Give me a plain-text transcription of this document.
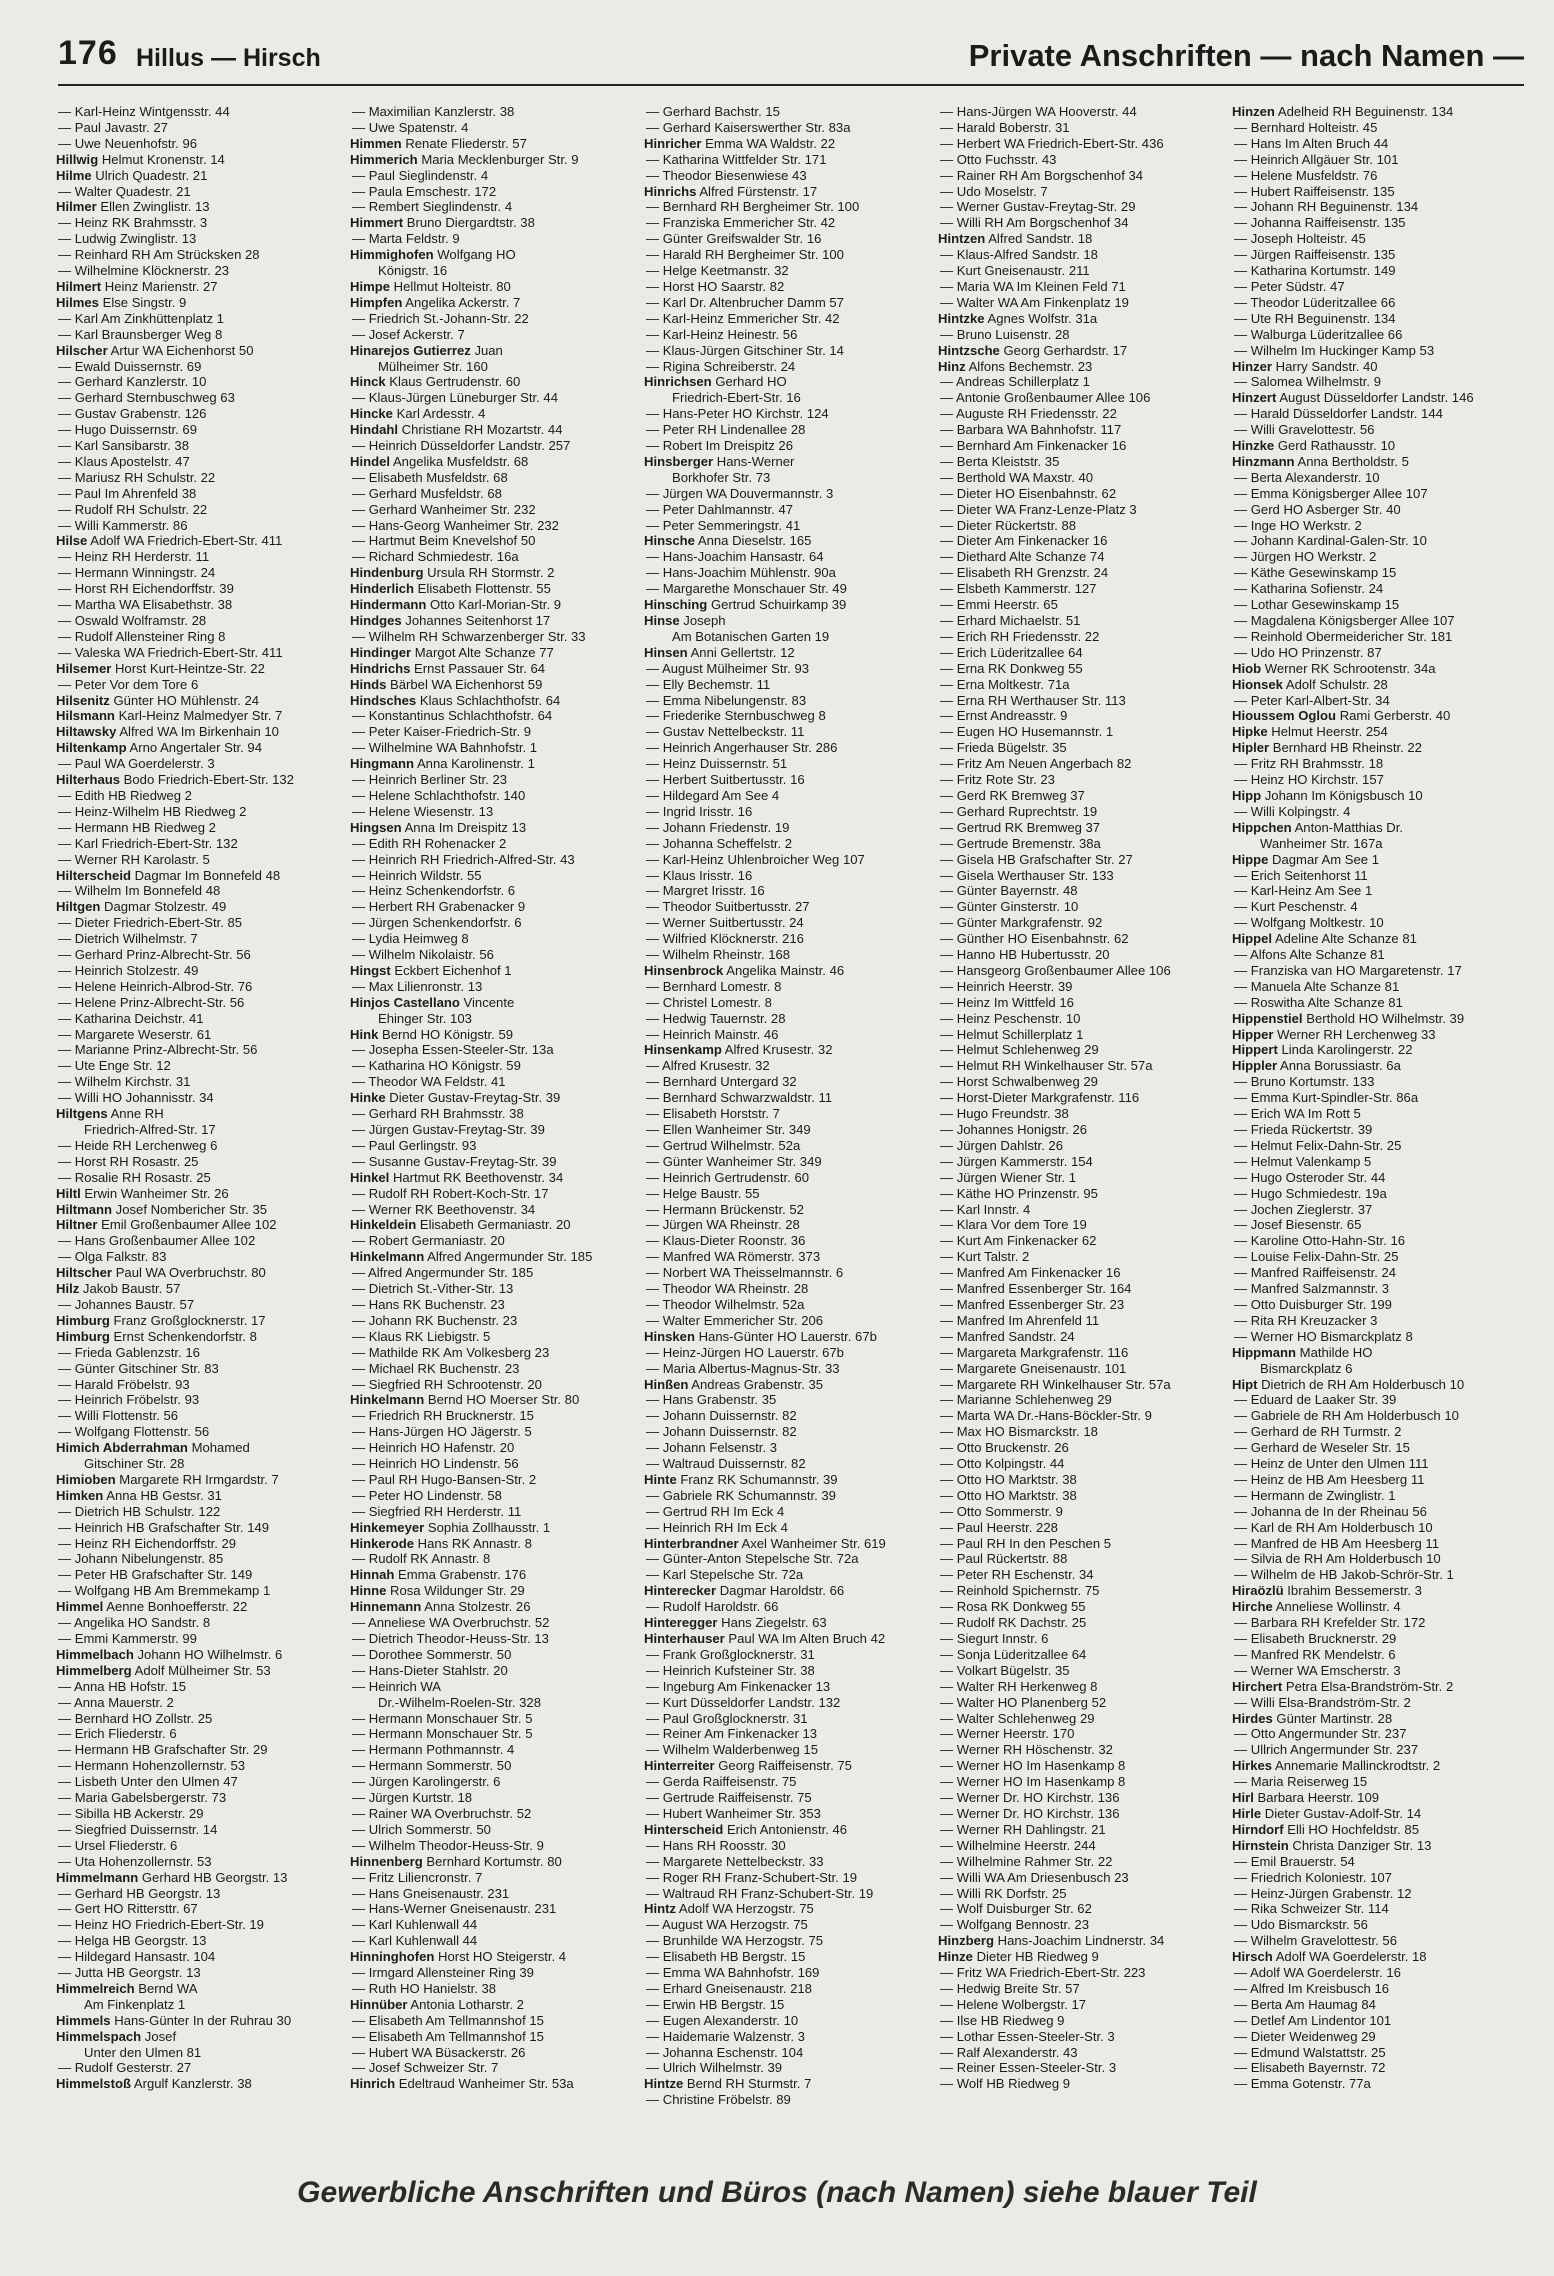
176 Hillus — Hirsch	Private Anschriften — nach Namen —
— Karl-Heinz Wintgensstr. 44
— Paul Javastr. 27
— Uwe Neuenhofstr. 96
Hillwig Helmut Kronenstr. 14
Hilme Ulrich Quadestr. 21
— Walter Quadestr. 21
Hilmer Ellen Zwinglistr. 13
— Heinz RK Brahmsstr. 3
— Ludwig Zwinglistr. 13
— Reinhard RH Am Strücksken 28
— Wilhelmine Klöcknerstr. 23
Hilmert Heinz Marienstr. 27
Hilmes Else Singstr. 9
— Karl Am Zinkhüttenplatz 1
— Karl Braunsberger Weg 8
Hilscher Artur WA Eichenhorst 50
— Ewald Duissernstr. 69
— Gerhard Kanzlerstr. 10
— Gerhard Sternbuschweg 63
— Gustav Grabenstr. 126
— Hugo Duissernstr. 69
— Karl Sansibarstr. 38
— Klaus Apostelstr. 47
— Mariusz RH Schulstr. 22
— Paul Im Ahrenfeld 38
— Rudolf RH Schulstr. 22
— Willi Kammerstr. 86
Hilse Adolf WA Friedrich-Ebert-Str. 411
— Heinz RH Herderstr. 11
— Hermann Winningstr. 24
— Horst RH Eichendorffstr. 39
— Martha WA Elisabethstr. 38
— Oswald Wolframstr. 28
— Rudolf Allensteiner Ring 8
— Valeska WA Friedrich-Ebert-Str. 411
Hilsemer Horst Kurt-Heintze-Str. 22
— Peter Vor dem Tore 6
Hilsenitz Günter HO Mühlenstr. 24
Hilsmann Karl-Heinz Malmedyer Str. 7
Hiltawsky Alfred WA Im Birkenhain 10
Hiltenkamp Arno Angertaler Str. 94
— Paul WA Goerdelerstr. 3
Hilterhaus Bodo Friedrich-Ebert-Str. 132
— Edith HB Riedweg 2
— Heinz-Wilhelm HB Riedweg 2
— Hermann HB Riedweg 2
— Karl Friedrich-Ebert-Str. 132
— Werner RH Karolastr. 5
Hilterscheid Dagmar Im Bonnefeld 48
— Wilhelm Im Bonnefeld 48
Hiltgen Dagmar Stolzestr. 49
— Dieter Friedrich-Ebert-Str. 85
— Dietrich Wilhelmstr. 7
— Gerhard Prinz-Albrecht-Str. 56
— Heinrich Stolzestr. 49
— Helene Heinrich-Albrod-Str. 76
— Helene Prinz-Albrecht-Str. 56
— Katharina Deichstr. 41
— Margarete Weserstr. 61
— Marianne Prinz-Albrecht-Str. 56
— Ute Enge Str. 12
— Wilhelm Kirchstr. 31
— Willi HO Johannisstr. 34
Hiltgens Anne RH
Friedrich-Alfred-Str. 17
— Heide RH Lerchenweg 6
— Horst RH Rosastr. 25
— Rosalie RH Rosastr. 25
Hiltl Erwin Wanheimer Str. 26
Hiltmann Josef Nombericher Str. 35
Hiltner Emil Großenbaumer Allee 102
— Hans Großenbaumer Allee 102
— Olga Falkstr. 83
Hiltscher Paul WA Overbruchstr. 80
Hilz Jakob Baustr. 57
— Johannes Baustr. 57
Himburg Franz Großglocknerstr. 17
Himburg Ernst Schenkendorfstr. 8
— Frieda Gablenzstr. 16
— Günter Gitschiner Str. 83
— Harald Fröbelstr. 93
— Heinrich Fröbelstr. 93
— Willi Flottenstr. 56
— Wolfgang Flottenstr. 56
Himich Abderrahman Mohamed
Gitschiner Str. 28
Himioben Margarete RH Irmgardstr. 7
Himken Anna HB Gestsr. 31
— Dietrich HB Schulstr. 122
— Heinrich HB Grafschafter Str. 149
— Heinz RH Eichendorffstr. 29
— Johann Nibelungenstr. 85
— Peter HB Grafschafter Str. 149
— Wolfgang HB Am Bremmekamp 1
Himmel Aenne Bonhoefferstr. 22
— Angelika HO Sandstr. 8
— Emmi Kammerstr. 99
Himmelbach Johann HO Wilhelmstr. 6
Himmelberg Adolf Mülheimer Str. 53
— Anna HB Hofstr. 15
— Anna Mauerstr. 2
— Bernhard HO Zollstr. 25
— Erich Fliederstr. 6
— Hermann HB Grafschafter Str. 29
— Hermann Hohenzollernstr. 53
— Lisbeth Unter den Ulmen 47
— Maria Gabelsbergerstr. 73
— Sibilla HB Ackerstr. 29
— Siegfried Duissernstr. 14
— Ursel Fliederstr. 6
— Uta Hohenzollernstr. 53
Himmelmann Gerhard HB Georgstr. 13
— Gerhard HB Georgstr. 13
— Gert HO Rittersttr. 67
— Heinz HO Friedrich-Ebert-Str. 19
— Helga HB Georgstr. 13
— Hildegard Hansastr. 104
— Jutta HB Georgstr. 13
Himmelreich Bernd WA
Am Finkenplatz 1
Himmels Hans-Günter In der Ruhrau 30
Himmelspach Josef
Unter den Ulmen 81
— Rudolf Gesterstr. 27
Himmelstoß Argulf Kanzlerstr. 38
— Maximilian Kanzlerstr. 38
— Uwe Spatenstr. 4
Himmen Renate Fliederstr. 57
Himmerich Maria Mecklenburger Str. 9
— Paul Sieglindenstr. 4
— Paula Emschestr. 172
— Rembert Sieglindenstr. 4
Himmert Bruno Diergardtstr. 38
— Marta Feldstr. 9
Himmighofen Wolfgang HO
Königstr. 16
Himpe Hellmut Holteistr. 80
Himpfen Angelika Ackerstr. 7
— Friedrich St.-Johann-Str. 22
— Josef Ackerstr. 7
Hinarejos Gutierrez Juan
Mülheimer Str. 160
Hinck Klaus Gertrudenstr. 60
— Klaus-Jürgen Lüneburger Str. 44
Hincke Karl Ardesstr. 4
Hindahl Christiane RH Mozartstr. 44
— Heinrich Düsseldorfer Landstr. 257
Hindel Angelika Musfeldstr. 68
— Elisabeth Musfeldstr. 68
— Gerhard Musfeldstr. 68
— Gerhard Wanheimer Str. 232
— Hans-Georg Wanheimer Str. 232
— Hartmut Beim Knevelshof 50
— Richard Schmiedestr. 16a
Hindenburg Ursula RH Stormstr. 2
Hinderlich Elisabeth Flottenstr. 55
Hindermann Otto Karl-Morian-Str. 9
Hindges Johannes Seitenhorst 17
— Wilhelm RH Schwarzenberger Str. 33
Hindinger Margot Alte Schanze 77
Hindrichs Ernst Passauer Str. 64
Hinds Bärbel WA Eichenhorst 59
Hindsches Klaus Schlachthofstr. 64
— Konstantinus Schlachthofstr. 64
— Peter Kaiser-Friedrich-Str. 9
— Wilhelmine WA Bahnhofstr. 1
Hingmann Anna Karolinenstr. 1
— Heinrich Berliner Str. 23
— Helene Schlachthofstr. 140
— Helene Wiesenstr. 13
Hingsen Anna Im Dreispitz 13
— Edith RH Rohenacker 2
— Heinrich RH Friedrich-Alfred-Str. 43
— Heinrich Wildstr. 55
— Heinz Schenkendorfstr. 6
— Herbert RH Grabenacker 9
— Jürgen Schenkendorfstr. 6
— Lydia Heimweg 8
— Wilhelm Nikolaistr. 56
Hingst Eckbert Eichenhof 1
— Max Lilienronstr. 13
Hinjos Castellano Vincente
Ehinger Str. 103
Hink Bernd HO Königstr. 59
— Josepha Essen-Steeler-Str. 13a
— Katharina HO Königstr. 59
— Theodor WA Feldstr. 41
Hinke Dieter Gustav-Freytag-Str. 39
— Gerhard RH Brahmsstr. 38
— Jürgen Gustav-Freytag-Str. 39
— Paul Gerlingstr. 93
— Susanne Gustav-Freytag-Str. 39
Hinkel Hartmut RK Beethovenstr. 34
— Rudolf RH Robert-Koch-Str. 17
— Werner RK Beethovenstr. 34
Hinkeldein Elisabeth Germaniastr. 20
— Robert Germaniastr. 20
Hinkelmann Alfred Angermunder Str. 185
— Alfred Angermunder Str. 185
— Dietrich St.-Vither-Str. 13
— Hans RK Buchenstr. 23
— Johann RK Buchenstr. 23
— Klaus RK Liebigstr. 5
— Mathilde RK Am Volkesberg 23
— Michael RK Buchenstr. 23
— Siegfried RH Schrootenstr. 20
Hinkelmann Bernd HO Moerser Str. 80
— Friedrich RH Brucknerstr. 15
— Hans-Jürgen HO Jägerstr. 5
— Heinrich HO Hafenstr. 20
— Heinrich HO Lindenstr. 56
— Paul RH Hugo-Bansen-Str. 2
— Peter HO Lindenstr. 58
— Siegfried RH Herderstr. 11
Hinkemeyer Sophia Zollhausstr. 1
Hinkerode Hans RK Annastr. 8
— Rudolf RK Annastr. 8
Hinnah Emma Grabenstr. 176
Hinne Rosa Wildunger Str. 29
Hinnemann Anna Stolzestr. 26
— Anneliese WA Overbruchstr. 52
— Dietrich Theodor-Heuss-Str. 13
— Dorothee Sommerstr. 50
— Hans-Dieter Stahlstr. 20
— Heinrich WA
Dr.-Wilhelm-Roelen-Str. 328
— Hermann Monschauer Str. 5
— Hermann Monschauer Str. 5
— Hermann Pothmannstr. 4
— Hermann Sommerstr. 50
— Jürgen Karolingerstr. 6
— Jürgen Kurtstr. 18
— Rainer WA Overbruchstr. 52
— Ulrich Sommerstr. 50
— Wilhelm Theodor-Heuss-Str. 9
Hinnenberg Bernhard Kortumstr. 80
— Fritz Liliencronstr. 7
— Hans Gneisenaustr. 231
— Hans-Werner Gneisenaustr. 231
— Karl Kuhlenwall 44
— Karl Kuhlenwall 44
Hinninghofen Horst HO Steigerstr. 4
— Irmgard Allensteiner Ring 39
— Ruth HO Hanielstr. 38
Hinnüber Antonia Lotharstr. 2
— Elisabeth Am Tellmannshof 15
— Elisabeth Am Tellmannshof 15
— Hubert WA Büsackerstr. 26
— Josef Schweizer Str. 7
Hinrich Edeltraud Wanheimer Str. 53a
— Gerhard Bachstr. 15
— Gerhard Kaiserswerther Str. 83a
Hinricher Emma WA Waldstr. 22
— Katharina Wittfelder Str. 171
— Theodor Biesenwiese 43
Hinrichs Alfred Fürstenstr. 17
— Bernhard RH Bergheimer Str. 100
— Franziska Emmericher Str. 42
— Günter Greifswalder Str. 16
— Harald RH Bergheimer Str. 100
— Helge Keetmanstr. 32
— Horst HO Saarstr. 82
— Karl Dr. Altenbrucher Damm 57
— Karl-Heinz Emmericher Str. 42
— Karl-Heinz Heinestr. 56
— Klaus-Jürgen Gitschiner Str. 14
— Rigina Schreiberstr. 24
Hinrichsen Gerhard HO
Friedrich-Ebert-Str. 16
— Hans-Peter HO Kirchstr. 124
— Peter RH Lindenallee 28
— Robert Im Dreispitz 26
Hinsberger Hans-Werner
Borkhofer Str. 73
— Jürgen WA Douvermannstr. 3
— Peter Dahlmannstr. 47
— Peter Semmeringstr. 41
Hinsche Anna Dieselstr. 165
— Hans-Joachim Hansastr. 64
— Hans-Joachim Mühlenstr. 90a
— Margarethe Monschauer Str. 49
Hinsching Gertrud Schuirkamp 39
Hinse Joseph
Am Botanischen Garten 19
Hinsen Anni Gellertstr. 12
— August Mülheimer Str. 93
— Elly Bechemstr. 11
— Emma Nibelungenstr. 83
— Friederike Sternbuschweg 8
— Gustav Nettelbeckstr. 11
— Heinrich Angerhauser Str. 286
— Heinz Duissernstr. 51
— Herbert Suitbertusstr. 16
— Hildegard Am See 4
— Ingrid Irisstr. 16
— Johann Friedenstr. 19
— Johanna Scheffelstr. 2
— Karl-Heinz Uhlenbroicher Weg 107
— Klaus Irisstr. 16
— Margret Irisstr. 16
— Theodor Suitbertusstr. 27
— Werner Suitbertusstr. 24
— Wilfried Klöcknerstr. 216
— Wilhelm Rheinstr. 168
Hinsenbrock Angelika Mainstr. 46
— Bernhard Lomestr. 8
— Christel Lomestr. 8
— Hedwig Tauernstr. 28
— Heinrich Mainstr. 46
Hinsenkamp Alfred Krusestr. 32
— Alfred Krusestr. 32
— Bernhard Untergard 32
— Bernhard Schwarzwaldstr. 11
— Elisabeth Horststr. 7
— Ellen Wanheimer Str. 349
— Gertrud Wilhelmstr. 52a
— Günter Wanheimer Str. 349
— Heinrich Gertrudenstr. 60
— Helge Baustr. 55
— Hermann Brückenstr. 52
— Jürgen WA Rheinstr. 28
— Klaus-Dieter Roonstr. 36
— Manfred WA Römerstr. 373
— Norbert WA Theisselmannstr. 6
— Theodor WA Rheinstr. 28
— Theodor Wilhelmstr. 52a
— Walter Emmericher Str. 206
Hinsken Hans-Günter HO Lauerstr. 67b
— Heinz-Jürgen HO Lauerstr. 67b
— Maria Albertus-Magnus-Str. 33
Hinßen Andreas Grabenstr. 35
— Hans Grabenstr. 35
— Johann Duissernstr. 82
— Johann Duissernstr. 82
— Johann Felsenstr. 3
— Waltraud Duissernstr. 82
Hinte Franz RK Schumannstr. 39
— Gabriele RK Schumannstr. 39
— Gertrud RH Im Eck 4
— Heinrich RH Im Eck 4
Hinterbrandner Axel Wanheimer Str. 619
— Günter-Anton Stepelsche Str. 72a
— Karl Stepelsche Str. 72a
Hinterecker Dagmar Haroldstr. 66
— Rudolf Haroldstr. 66
Hinteregger Hans Ziegelstr. 63
Hinterhauser Paul WA Im Alten Bruch 42
— Frank Großglocknerstr. 31
— Heinrich Kufsteiner Str. 38
— Ingeburg Am Finkenacker 13
— Kurt Düsseldorfer Landstr. 132
— Paul Großglocknerstr. 31
— Reiner Am Finkenacker 13
— Wilhelm Walderbenweg 15
Hinterreiter Georg Raiffeisenstr. 75
— Gerda Raiffeisenstr. 75
— Gertrude Raiffeisenstr. 75
— Hubert Wanheimer Str. 353
Hinterscheid Erich Antonienstr. 46
— Hans RH Roosstr. 30
— Margarete Nettelbeckstr. 33
— Roger RH Franz-Schubert-Str. 19
— Waltraud RH Franz-Schubert-Str. 19
Hintz Adolf WA Herzogstr. 75
— August WA Herzogstr. 75
— Brunhilde WA Herzogstr. 75
— Elisabeth HB Bergstr. 15
— Emma WA Bahnhofstr. 169
— Erhard Gneisenaustr. 218
— Erwin HB Bergstr. 15
— Eugen Alexanderstr. 10
— Haidemarie Walzenstr. 3
— Johanna Eschenstr. 104
— Ulrich Wilhelmstr. 39
Hintze Bernd RH Sturmstr. 7
— Christine Fröbelstr. 89
— Hans-Jürgen WA Hooverstr. 44
— Harald Boberstr. 31
— Herbert WA Friedrich-Ebert-Str. 436
— Otto Fuchsstr. 43
— Rainer RH Am Borgschenhof 34
— Udo Moselstr. 7
— Werner Gustav-Freytag-Str. 29
— Willi RH Am Borgschenhof 34
Hintzen Alfred Sandstr. 18
— Klaus-Alfred Sandstr. 18
— Kurt Gneisenaustr. 211
— Maria WA Im Kleinen Feld 71
— Walter WA Am Finkenplatz 19
Hintzke Agnes Wolfstr. 31a
— Bruno Luisenstr. 28
Hintzsche Georg Gerhardstr. 17
Hinz Alfons Bechemstr. 23
— Andreas Schillerplatz 1
— Antonie Großenbaumer Allee 106
— Auguste RH Friedensstr. 22
— Barbara WA Bahnhofstr. 117
— Bernhard Am Finkenacker 16
— Berta Kleiststr. 35
— Berthold WA Maxstr. 40
— Dieter HO Eisenbahnstr. 62
— Dieter WA Franz-Lenze-Platz 3
— Dieter Rückertstr. 88
— Dieter Am Finkenacker 16
— Diethard Alte Schanze 74
— Elisabeth RH Grenzstr. 24
— Elsbeth Kammerstr. 127
— Emmi Heerstr. 65
— Erhard Michaelstr. 51
— Erich RH Friedensstr. 22
— Erich Lüderitzallee 64
— Erna RK Donkweg 55
— Erna Moltkestr. 71a
— Erna RH Werthauser Str. 113
— Ernst Andreasstr. 9
— Eugen HO Husemannstr. 1
— Frieda Bügelstr. 35
— Fritz Am Neuen Angerbach 82
— Fritz Rote Str. 23
— Gerd RK Bremweg 37
— Gerhard Ruprechtstr. 19
— Gertrud RK Bremweg 37
— Gertrude Bremenstr. 38a
— Gisela HB Grafschafter Str. 27
— Gisela Werthauser Str. 133
— Günter Bayernstr. 48
— Günter Ginsterstr. 10
— Günter Markgrafenstr. 92
— Günther HO Eisenbahnstr. 62
— Hanno HB Hubertusstr. 20
— Hansgeorg Großenbaumer Allee 106
— Heinrich Heerstr. 39
— Heinz Im Wittfeld 16
— Heinz Peschenstr. 10
— Helmut Schillerplatz 1
— Helmut Schlehenweg 29
— Helmut RH Winkelhauser Str. 57a
— Horst Schwalbenweg 29
— Horst-Dieter Markgrafenstr. 116
— Hugo Freundstr. 38
— Johannes Honigstr. 26
— Jürgen Dahlstr. 26
— Jürgen Kammerstr. 154
— Jürgen Wiener Str. 1
— Käthe HO Prinzenstr. 95
— Karl Innstr. 4
— Klara Vor dem Tore 19
— Kurt Am Finkenacker 62
— Kurt Talstr. 2
— Manfred Am Finkenacker 16
— Manfred Essenberger Str. 164
— Manfred Essenberger Str. 23
— Manfred Im Ahrenfeld 11
— Manfred Sandstr. 24
— Margareta Markgrafenstr. 116
— Margarete Gneisenaustr. 101
— Margarete RH Winkelhauser Str. 57a
— Marianne Schlehenweg 29
— Marta WA Dr.-Hans-Böckler-Str. 9
— Max HO Bismarckstr. 18
— Otto Bruckenstr. 26
— Otto Kolpingstr. 44
— Otto HO Marktstr. 38
— Otto HO Marktstr. 38
— Otto Sommerstr. 9
— Paul Heerstr. 228
— Paul RH In den Peschen 5
— Paul Rückertstr. 88
— Peter RH Eschenstr. 34
— Reinhold Spichernstr. 75
— Rosa RK Donkweg 55
— Rudolf RK Dachstr. 25
— Siegurt Innstr. 6
— Sonja Lüderitzallee 64
— Volkart Bügelstr. 35
— Walter RH Herkenweg 8
— Walter HO Planenberg 52
— Walter Schlehenweg 29
— Werner Heerstr. 170
— Werner RH Höschenstr. 32
— Werner HO Im Hasenkamp 8
— Werner HO Im Hasenkamp 8
— Werner Dr. HO Kirchstr. 136
— Werner Dr. HO Kirchstr. 136
— Werner RH Dahlingstr. 21
— Wilhelmine Heerstr. 244
— Wilhelmine Rahmer Str. 22
— Willi WA Am Driesenbusch 23
— Willi RK Dorfstr. 25
— Wolf Duisburger Str. 62
— Wolfgang Bennostr. 23
Hinzberg Hans-Joachim Lindnerstr. 34
Hinze Dieter HB Riedweg 9
— Fritz WA Friedrich-Ebert-Str. 223
— Hedwig Breite Str. 57
— Helene Wolbergstr. 17
— Ilse HB Riedweg 9
— Lothar Essen-Steeler-Str. 3
— Ralf Alexanderstr. 43
— Reiner Essen-Steeler-Str. 3
— Wolf HB Riedweg 9
Hinzen Adelheid RH Beguinenstr. 134
— Bernhard Holteistr. 45
— Hans Im Alten Bruch 44
— Heinrich Allgäuer Str. 101
— Helene Musfeldstr. 76
— Hubert Raiffeisenstr. 135
— Johann RH Beguinenstr. 134
— Johanna Raiffeisenstr. 135
— Joseph Holteistr. 45
— Jürgen Raiffeisenstr. 135
— Katharina Kortumstr. 149
— Peter Südstr. 47
— Theodor Lüderitzallee 66
— Ute RH Beguinenstr. 134
— Walburga Lüderitzallee 66
— Wilhelm Im Huckinger Kamp 53
Hinzer Harry Sandstr. 40
— Salomea Wilhelmstr. 9
Hinzert August Düsseldorfer Landstr. 146
— Harald Düsseldorfer Landstr. 144
— Willi Gravelottestr. 56
Hinzke Gerd Rathausstr. 10
Hinzmann Anna Bertholdstr. 5
— Berta Alexanderstr. 10
— Emma Königsberger Allee 107
— Gerd HO Asberger Str. 40
— Inge HO Werkstr. 2
— Johann Kardinal-Galen-Str. 10
— Jürgen HO Werkstr. 2
— Käthe Gesewinskamp 15
— Katharina Sofienstr. 24
— Lothar Gesewinskamp 15
— Magdalena Königsberger Allee 107
— Reinhold Obermeidericher Str. 181
— Udo HO Prinzenstr. 87
Hiob Werner RK Schrootenstr. 34a
Hionsek Adolf Schulstr. 28
— Peter Karl-Albert-Str. 34
Hioussem Oglou Rami Gerberstr. 40
Hipke Helmut Heerstr. 254
Hipler Bernhard HB Rheinstr. 22
— Fritz RH Brahmsstr. 18
— Heinz HO Kirchstr. 157
Hipp Johann Im Königsbusch 10
— Willi Kolpingstr. 4
Hippchen Anton-Matthias Dr.
Wanheimer Str. 167a
Hippe Dagmar Am See 1
— Erich Seitenhorst 11
— Karl-Heinz Am See 1
— Kurt Peschenstr. 4
— Wolfgang Moltkestr. 10
Hippel Adeline Alte Schanze 81
— Alfons Alte Schanze 81
— Franziska van HO Margaretenstr. 17
— Manuela Alte Schanze 81
— Roswitha Alte Schanze 81
Hippenstiel Berthold HO Wilhelmstr. 39
Hipper Werner RH Lerchenweg 33
Hippert Linda Karolingerstr. 22
Hippler Anna Borussiastr. 6a
— Bruno Kortumstr. 133
— Emma Kurt-Spindler-Str. 86a
— Erich WA Im Rott 5
— Frieda Rückertstr. 39
— Helmut Felix-Dahn-Str. 25
— Helmut Valenkamp 5
— Hugo Osteroder Str. 44
— Hugo Schmiedestr. 19a
— Jochen Zieglerstr. 37
— Josef Biesenstr. 65
— Karoline Otto-Hahn-Str. 16
— Louise Felix-Dahn-Str. 25
— Manfred Raiffeisenstr. 24
— Manfred Salzmannstr. 3
— Otto Duisburger Str. 199
— Rita RH Kreuzacker 3
— Werner HO Bismarckplatz 8
Hippmann Mathilde HO
Bismarckplatz 6
Hipt Dietrich de RH Am Holderbusch 10
— Eduard de Laaker Str. 39
— Gabriele de RH Am Holderbusch 10
— Gerhard de RH Turmstr. 2
— Gerhard de Weseler Str. 15
— Heinz de Unter den Ulmen 111
— Heinz de HB Am Heesberg 11
— Hermann de Zwinglistr. 1
— Johanna de In der Rheinau 56
— Karl de RH Am Holderbusch 10
— Manfred de HB Am Heesberg 11
— Silvia de RH Am Holderbusch 10
— Wilhelm de HB Jakob-Schrör-Str. 1
Hiraözlü Ibrahim Bessemerstr. 3
Hirche Anneliese Wollinstr. 4
— Barbara RH Krefelder Str. 172
— Elisabeth Brucknerstr. 29
— Manfred RK Mendelstr. 6
— Werner WA Emscherstr. 3
Hirchert Petra Elsa-Brandström-Str. 2
— Willi Elsa-Brandström-Str. 2
Hirdes Günter Martinstr. 28
— Otto Angermunder Str. 237
— Ullrich Angermunder Str. 237
Hirkes Annemarie Mallinckrodtstr. 2
— Maria Reiserweg 15
Hirl Barbara Heerstr. 109
Hirle Dieter Gustav-Adolf-Str. 14
Hirndorf Elli HO Hochfeldstr. 85
Hirnstein Christa Danziger Str. 13
— Emil Brauerstr. 54
— Friedrich Koloniestr. 107
— Heinz-Jürgen Grabenstr. 12
— Rika Schweizer Str. 114
— Udo Bismarckstr. 56
— Wilhelm Gravelottestr. 56
Hirsch Adolf WA Goerdelerstr. 18
— Adolf WA Goerdelerstr. 16
— Alfred Im Kreisbusch 16
— Berta Am Haumag 84
— Detlef Am Lindentor 101
— Dieter Weidenweg 29
— Edmund Walstattstr. 25
— Elisabeth Bayernstr. 72
— Emma Gotenstr. 77a
Gewerbliche Anschriften und Büros (nach Namen) siehe blauer Teil
